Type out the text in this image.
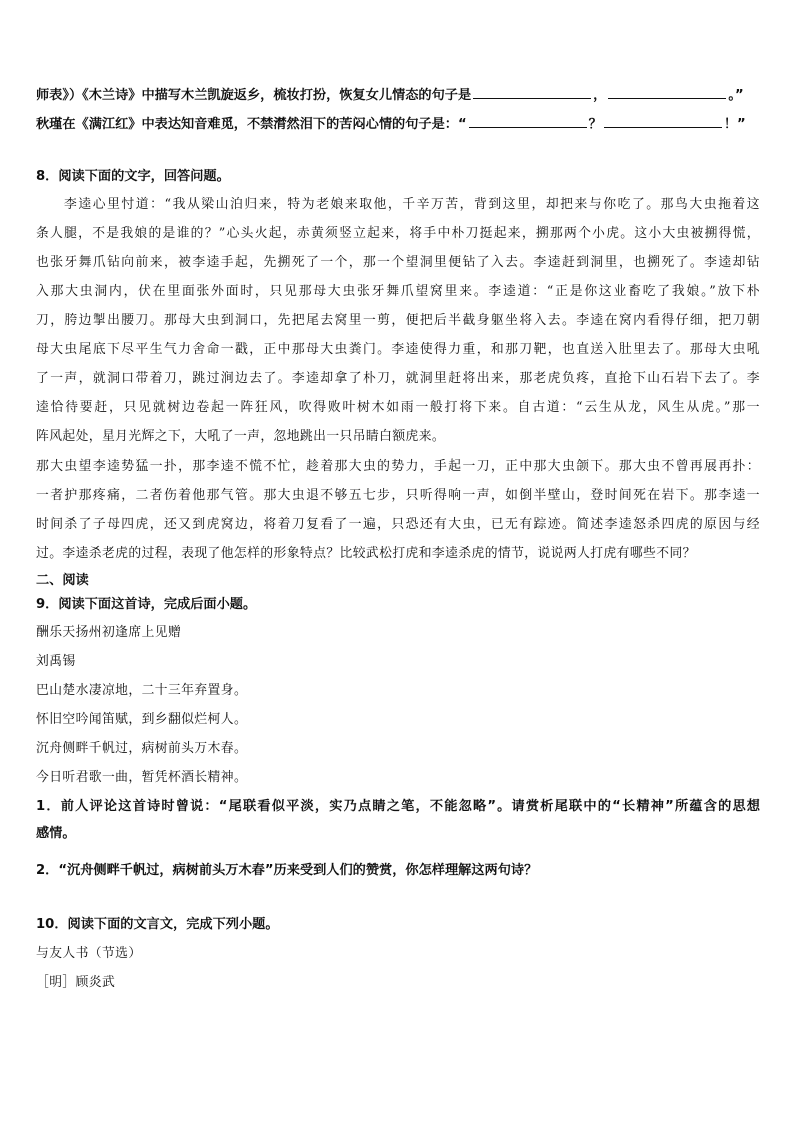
师表》）《木兰诗》中描写木兰凯旋返乡，梳妆打扮，恢复女儿情态的句子是	，	。”
秋瑾在《满江红》中表达知音难觅，不禁潸然泪下的苦闷心情的句子是：“	？	！”
8．阅读下面的文字，回答问题。
李逵心里忖道：“我从梁山泊归来，特为老娘来取他，千辛万苦，背到这里，却把来与你吃了。那鸟大虫拖着这
条人腿，不是我娘的是谁的？”心头火起，赤黄须竖立起来，将手中朴刀挺起来，搠那两个小虎。这小大虫被搠得慌，
也张牙舞爪钻向前来，被李逵手起，先搠死了一个，那一个望洞里便钻了入去。李逵赶到洞里，也搠死了。李逵却钻
入那大虫洞内，伏在里面张外面时，只见那母大虫张牙舞爪望窝里来。李逵道：“正是你这业畜吃了我娘。”放下朴
刀，胯边掣出腰刀。那母大虫到洞口，先把尾去窝里一剪，便把后半截身躯坐将入去。李逵在窝内看得仔细，把刀朝
母大虫尾底下尽平生气力舍命一戳，正中那母大虫粪门。李逵使得力重，和那刀靶，也直送入肚里去了。那母大虫吼
了一声，就洞口带着刀，跳过涧边去了。李逵却拿了朴刀，就洞里赶将出来，那老虎负疼，直抢下山石岩下去了。李
逵恰待要赶，只见就树边卷起一阵狂风，吹得败叶树木如雨一般打将下来。自古道：“云生从龙，风生从虎。”那一
阵风起处，星月光辉之下，大吼了一声，忽地跳出一只吊睛白额虎来。
那大虫望李逵势猛一扑，那李逵不慌不忙，趁着那大虫的势力，手起一刀，正中那大虫颌下。那大虫不曾再展再扑：
一者护那疼痛，二者伤着他那气管。那大虫退不够五七步，只听得响一声，如倒半壁山，登时间死在岩下。那李逵一
时间杀了子母四虎，还又到虎窝边，将着刀复看了一遍，只恐还有大虫，已无有踪迹。简述李逵怒杀四虎的原因与经
过。李逵杀老虎的过程，表现了他怎样的形象特点？比较武松打虎和李逵杀虎的情节，说说两人打虎有哪些不同？
二、阅读
9．阅读下面这首诗，完成后面小题。
酬乐天扬州初逢席上见赠
刘禹锡
巴山楚水凄凉地，二十三年弃置身。
怀旧空吟闻笛赋，到乡翻似烂柯人。
沉舟侧畔千帆过，病树前头万木春。
今日听君歌一曲，暂凭杯酒长精神。
1．前人评论这首诗时曾说：“尾联看似平淡，实乃点睛之笔，不能忽略”。请赏析尾联中的“长精神”所蕴含的思想
感情。
2．“沉舟侧畔千帆过，病树前头万木春”历来受到人们的赞赏，你怎样理解这两句诗？
10．阅读下面的文言文，完成下列小题。
与友人书（节选）
［明］顾炎武
